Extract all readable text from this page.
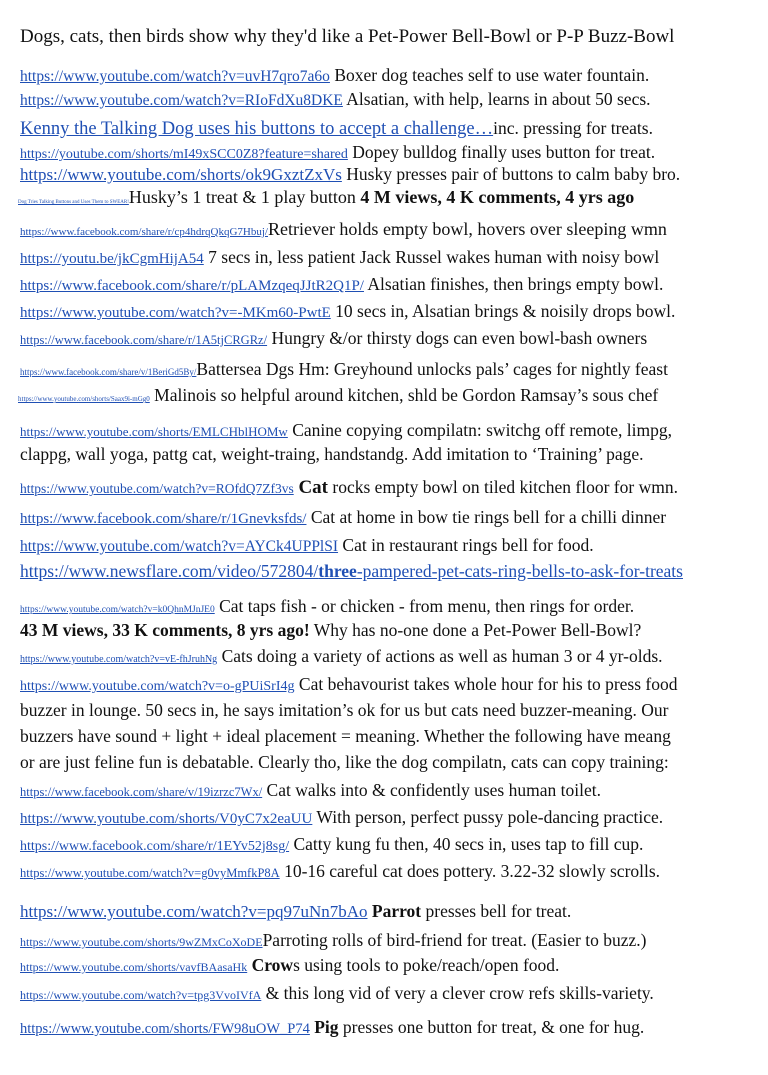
Dogs, cats, then birds show why they'd like a Pet-Power Bell-Bowl or P-P Buzz-Bowl
https://www.youtube.com/watch?v=uvH7qro7a6o Boxer dog teaches self to use water fountain.
https://www.youtube.com/watch?v=RIoFdXu8DKE Alsatian, with help, learns in about 50 secs.
Kenny the Talking Dog uses his buttons to accept a challenge…inc. pressing for treats.
https://youtube.com/shorts/mI49xSCC0Z8?feature=shared Dopey bulldog finally uses button for treat.
https://www.youtube.com/shorts/ok9GxztZxVs Husky presses pair of buttons to calm baby bro.
Dog Tries Talking Buttons and Uses Them to SWEAR!Husky’s 1 treat & 1 play button 4 M views, 4 K comments, 4 yrs ago
https://www.facebook.com/share/r/cp4hdrqQkqG7Hbuj/Retriever holds empty bowl, hovers over sleeping wmn
https://youtu.be/jkCgmHijA54 7 secs in, less patient Jack Russel wakes human with noisy bowl
https://www.facebook.com/share/r/pLAMzqeqJJtR2Q1P/ Alsatian finishes, then brings empty bowl.
https://www.youtube.com/watch?v=-MKm60-PwtE 10 secs in, Alsatian brings & noisily drops bowl.
https://www.facebook.com/share/r/1A5tjCRGRz/ Hungry &/or thirsty dogs can even bowl-bash owners
https://www.facebook.com/share/v/1BeriGd5By/Battersea Dgs Hm: Greyhound unlocks pals’ cages for nightly feast
https://www.youtube.com/shorts/Saax9i-mGg0 Malinois so helpful around kitchen, shld be Gordon Ramsay’s sous chef
https://www.youtube.com/shorts/EMLCHblHOMw Canine copying compilatn: switchg off remote, limpg,
clappg, wall yoga, pattg cat, weight-traing, handstandg. Add imitation to ‘Training’ page.
https://www.youtube.com/watch?v=ROfdQ7Zf3vs Cat rocks empty bowl on tiled kitchen floor for wmn.
https://www.facebook.com/share/r/1Gnevksfds/ Cat at home in bow tie rings bell for a chilli dinner
https://www.youtube.com/watch?v=AYCk4UPPlSI Cat in restaurant rings bell for food.
https://www.newsflare.com/video/572804/three-pampered-pet-cats-ring-bells-to-ask-for-treats
https://www.youtube.com/watch?v=k0QhnMJnJE0 Cat taps fish - or chicken - from menu, then rings for order.
43 M views, 33 K comments, 8 yrs ago! Why has no-one done a Pet-Power Bell-Bowl?
https://www.youtube.com/watch?v=vE-fhJruhNg Cats doing a variety of actions as well as human 3 or 4 yr-olds.
https://www.youtube.com/watch?v=o-gPUiSrI4g Cat behavourist takes whole hour for his to press food
buzzer in lounge. 50 secs in, he says imitation’s ok for us but cats need buzzer-meaning. Our
buzzers have sound + light + ideal placement = meaning. Whether the following have meang
or are just feline fun is debatable. Clearly tho, like the dog compilatn, cats can copy training:
https://www.facebook.com/share/v/19izrzc7Wx/ Cat walks into & confidently uses human toilet.
https://www.youtube.com/shorts/V0yC7x2eaUU With person, perfect pussy pole-dancing practice.
https://www.facebook.com/share/r/1EYv52j8sg/ Catty kung fu then, 40 secs in, uses tap to fill cup.
https://www.youtube.com/watch?v=g0vyMmfkP8A 10-16 careful cat does pottery. 3.22-32 slowly scrolls.
https://www.youtube.com/watch?v=pq97uNn7bAo Parrot presses bell for treat.
https://www.youtube.com/shorts/9wZMxCoXoDEParroting rolls of bird-friend for treat. (Easier to buzz.)
https://www.youtube.com/shorts/vavfBAasaHk Crows using tools to poke/reach/open food.
https://www.youtube.com/watch?v=tpg3VvoIVfA & this long vid of very a clever crow refs skills-variety.
https://www.youtube.com/shorts/FW98uOW_P74 Pig presses one button for treat, & one for hug.
